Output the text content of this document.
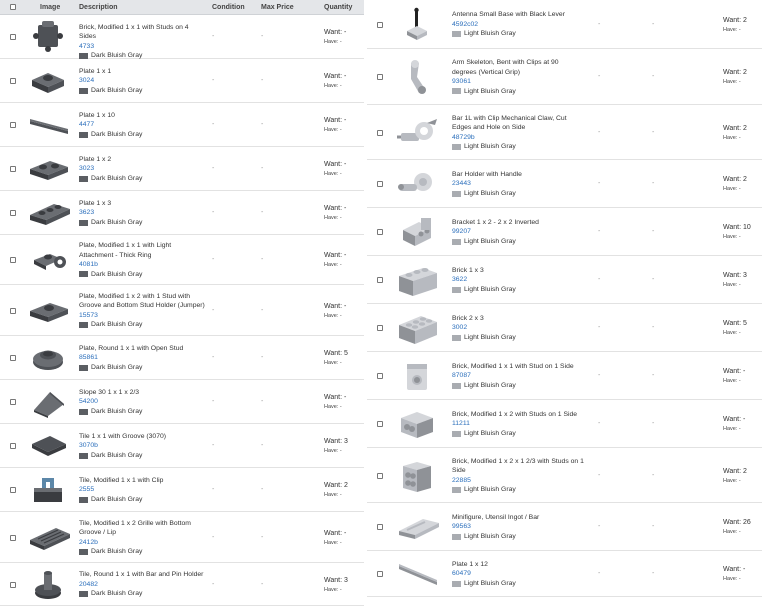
Image	Description	Condition Max Price	Quantity
Brick, Modified 1 x 1 with Studs on 4 Sides
4733
Dark Bluish Gray
-	-
Want: -
Have: -
Plate 1 x 1
3024
Dark Bluish Gray
-	-
Want: -
Have: -
Plate 1 x 10
4477
Dark Bluish Gray
-	-
Want: -
Have: -
Plate 1 x 2
3023
Dark Bluish Gray
-	-
Want: -
Have: -
Plate 1 x 3
3623
Dark Bluish Gray
-	-
Want: -
Have: -
Plate, Modified 1 x 1 with Light Attachment - Thick Ring
4081b
Dark Bluish Gray
-	-
Want: -
Have: -
Plate, Modified 1 x 2 with 1 Stud with Groove and Bottom Stud Holder (Jumper)
15573
Dark Bluish Gray
-	-
Want: -
Have: -
Plate, Round 1 x 1 with Open Stud
85861
Dark Bluish Gray
-	-
Want: 5
Have: -
Slope 30 1 x 1 x 2/3
54200
Dark Bluish Gray
-	-
Want: -
Have: -
Tile 1 x 1 with Groove (3070)
3070b
Dark Bluish Gray
-	-
Want: 3
Have: -
Tile, Modified 1 x 1 with Clip
2555
Dark Bluish Gray
-	-
Want: 2
Have: -
Tile, Modified 1 x 2 Grille with Bottom Groove / Lip
2412b
Dark Bluish Gray
-	-
Want: -
Have: -
Tile, Round 1 x 1 with Bar and Pin Holder
20482
Dark Bluish Gray
-	-
Want: 3
Have: -
Antenna Small Base with Black Lever
4592c02
Light Bluish Gray
-	-
Want: 2
Have: -
Arm Skeleton, Bent with Clips at 90 degrees (Vertical Grip)
93061
Light Bluish Gray
-	-
Want: 2
Have: -
Bar 1L with Clip Mechanical Claw, Cut Edges and Hole on Side
48729b
Light Bluish Gray
-	-
Want: 2
Have: -
Bar Holder with Handle
23443
Light Bluish Gray
-	-
Want: 2
Have: -
Bracket 1 x 2 - 2 x 2 Inverted
99207
Light Bluish Gray
-	-
Want: 10
Have: -
Brick 1 x 3
3622
Light Bluish Gray
-	-
Want: 3
Have: -
Brick 2 x 3
3002
Light Bluish Gray
-	-
Want: 5
Have: -
Brick, Modified 1 x 1 with Stud on 1 Side
87087
Light Bluish Gray
-	-
Want: -
Have: -
Brick, Modified 1 x 2 with Studs on 1 Side
11211
Light Bluish Gray
-	-
Want: -
Have: -
Brick, Modified 1 x 2 x 1 2/3 with Studs on 1 Side
22885
Light Bluish Gray
-	-
Want: 2
Have: -
Minifigure, Utensil Ingot / Bar
99563
Light Bluish Gray
-	-
Want: 26
Have: -
Plate 1 x 12
60479
Light Bluish Gray
-	-
Want: -
Have: -
